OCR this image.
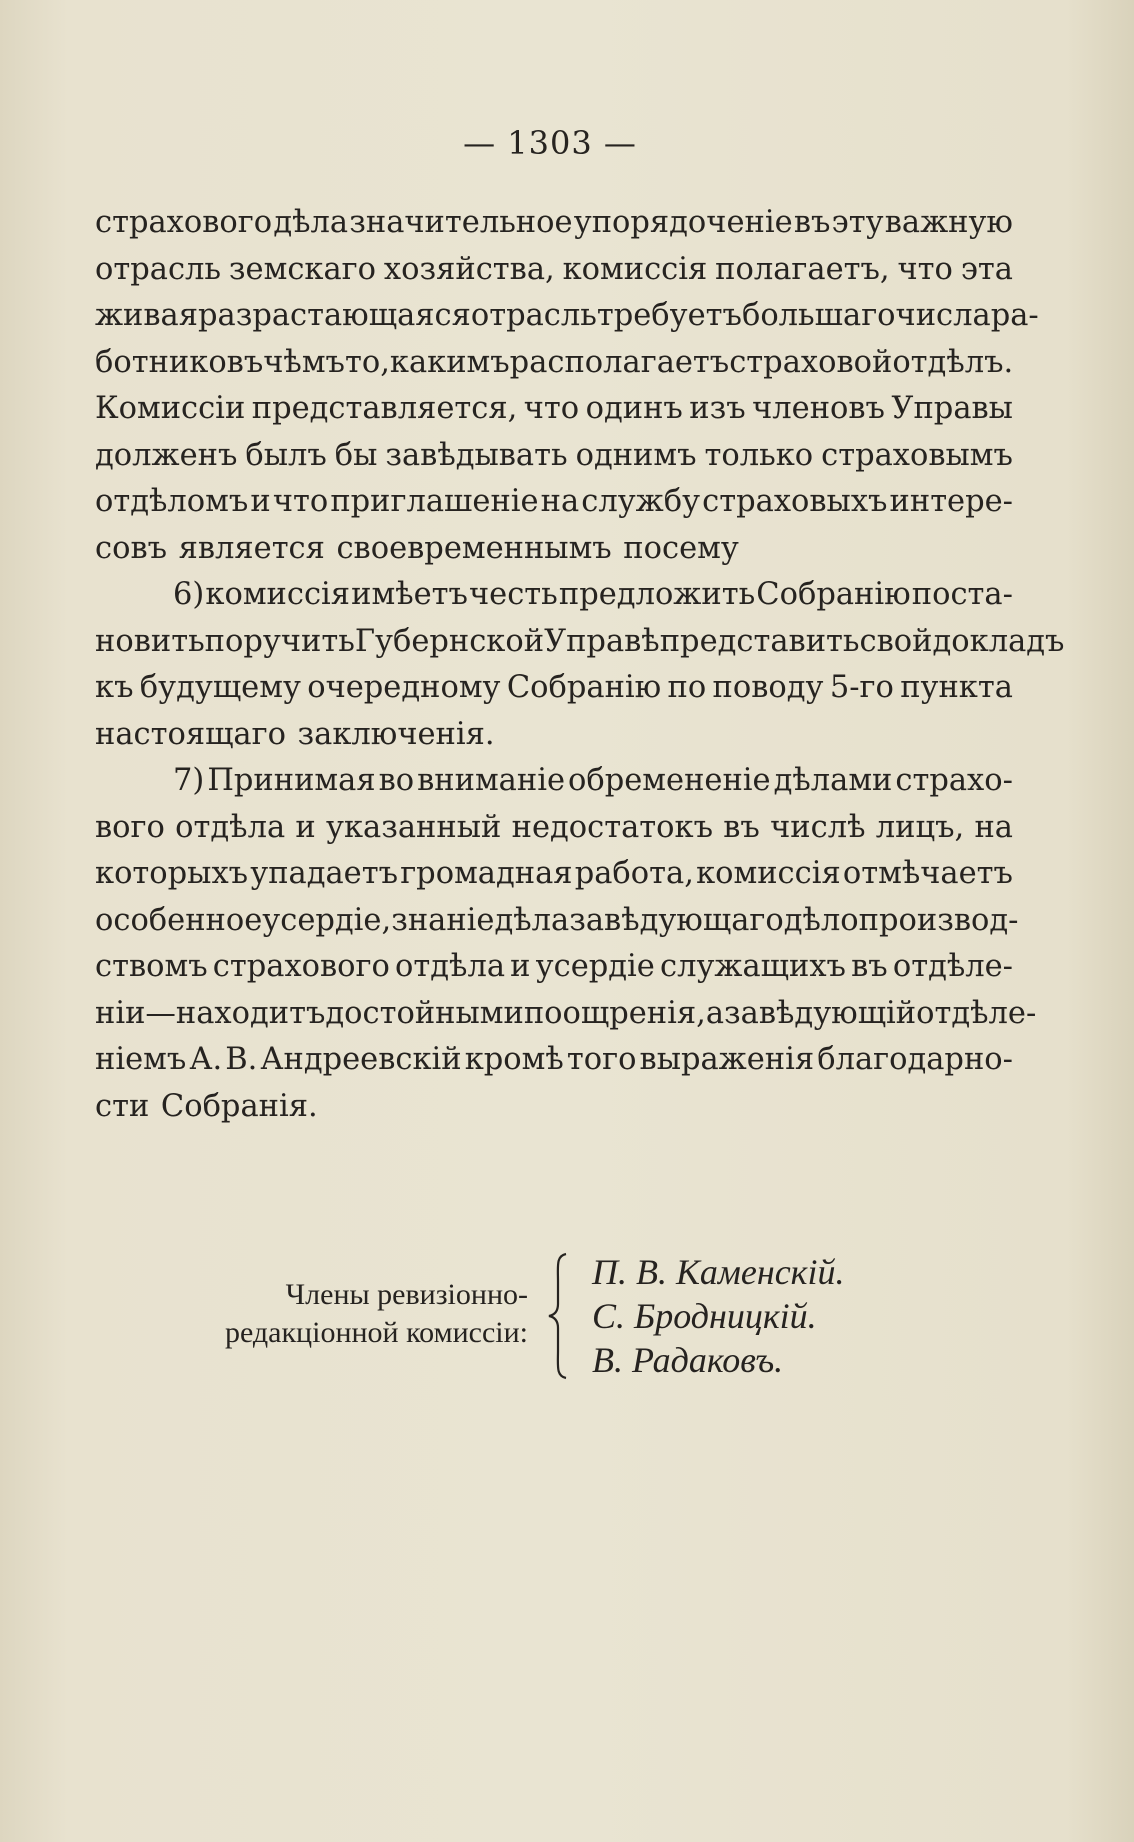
— 1303 —
страхового дѣла значительное упорядоченіе въ эту важную
отрасль земскаго хозяйства, комиссія полагаетъ, что эта
живая разрастающаяся отрасль требуетъ большаго числа ра-
ботниковъ чѣмъ то, какимъ располагаетъ страховой отдѣлъ.
Комиссіи представляется, что одинъ изъ членовъ Управы
долженъ былъ бы завѣдывать однимъ только страховымъ
отдѣломъ и что приглашеніе на службу страховыхъ интере-
совъ является своевременнымъ посему
6) комиссія имѣетъ честь предложить Собранію поста-
новить поручить Губернской Управѣ представить свой докладъ
къ будущему очередному Собранію по поводу 5-го пункта
настоящаго заключенія.
7) Принимая во вниманіе обремененіе дѣлами страхо-
вого отдѣла и указанный недостатокъ въ числѣ лицъ, на
которыхъ упадаетъ громадная работа, комиссія отмѣчаетъ
особенное усердіе, знаніе дѣла завѣдующаго дѣлопроизвод-
ствомъ страхового отдѣла и усердіе служащихъ въ отдѣле-
ніи—находитъ достойными поощренія, а завѣдующій отдѣле-
ніемъ А. В. Андреевскій кромѣ того выраженія благодарно-
сти Собранія.
Члены ревизіонно-
редакціонной комиссіи:
П. В. Каменскій.
С. Бродницкій.
В. Радаковъ.
